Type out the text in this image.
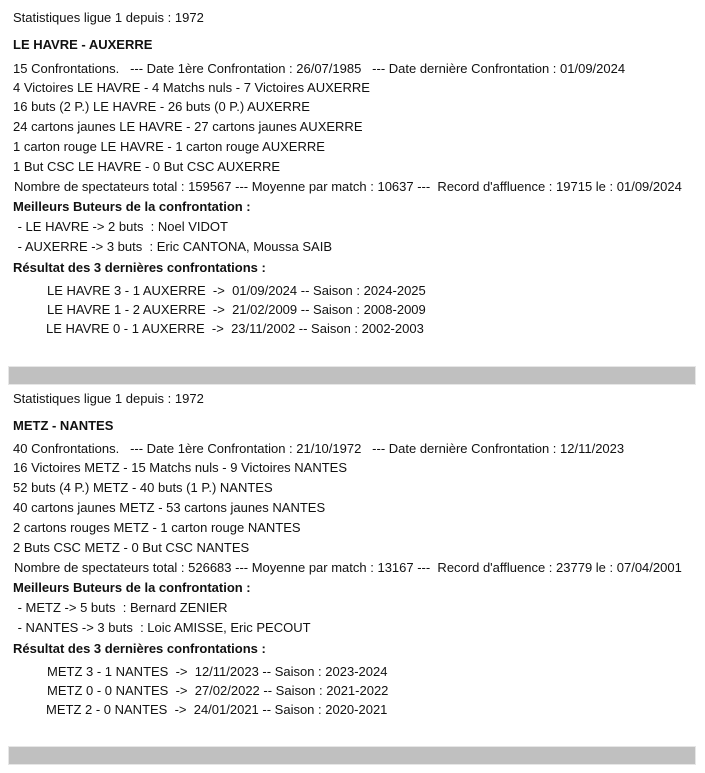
Statistiques ligue 1 depuis : 1972
LE HAVRE - AUXERRE
15 Confrontations.   --- Date 1ère Confrontation : 26/07/1985   --- Date dernière Confrontation : 01/09/2024
4 Victoires LE HAVRE - 4 Matchs nuls - 7 Victoires AUXERRE
16 buts (2 P.) LE HAVRE - 26 buts (0 P.) AUXERRE
24 cartons jaunes LE HAVRE - 27 cartons jaunes AUXERRE
1 carton rouge LE HAVRE - 1 carton rouge AUXERRE
1 But CSC LE HAVRE - 0 But CSC AUXERRE
Nombre de spectateurs total : 159567 --- Moyenne par match : 10637 ---  Record d'affluence : 19715 le : 01/09/2024
Meilleurs Buteurs de la confrontation :
- LE HAVRE -> 2 buts  : Noel VIDOT
- AUXERRE -> 3 buts  : Eric CANTONA, Moussa SAIB
Résultat des 3 dernières confrontations :
LE HAVRE 3 - 1 AUXERRE  ->  01/09/2024 -- Saison : 2024-2025
LE HAVRE 1 - 2 AUXERRE  ->  21/02/2009 -- Saison : 2008-2009
LE HAVRE 0 - 1 AUXERRE  ->  23/11/2002 -- Saison : 2002-2003
Statistiques ligue 1 depuis : 1972
METZ - NANTES
40 Confrontations.   --- Date 1ère Confrontation : 21/10/1972   --- Date dernière Confrontation : 12/11/2023
16 Victoires METZ - 15 Matchs nuls - 9 Victoires NANTES
52 buts (4 P.) METZ - 40 buts (1 P.) NANTES
40 cartons jaunes METZ - 53 cartons jaunes NANTES
2 cartons rouges METZ - 1 carton rouge NANTES
2 Buts CSC METZ - 0 But CSC NANTES
Nombre de spectateurs total : 526683 --- Moyenne par match : 13167 ---  Record d'affluence : 23779 le : 07/04/2001
Meilleurs Buteurs de la confrontation :
- METZ -> 5 buts  : Bernard ZENIER
- NANTES -> 3 buts  : Loic AMISSE, Eric PECOUT
Résultat des 3 dernières confrontations :
METZ 3 - 1 NANTES  ->  12/11/2023 -- Saison : 2023-2024
METZ 0 - 0 NANTES  ->  27/02/2022 -- Saison : 2021-2022
METZ 2 - 0 NANTES  ->  24/01/2021 -- Saison : 2020-2021
